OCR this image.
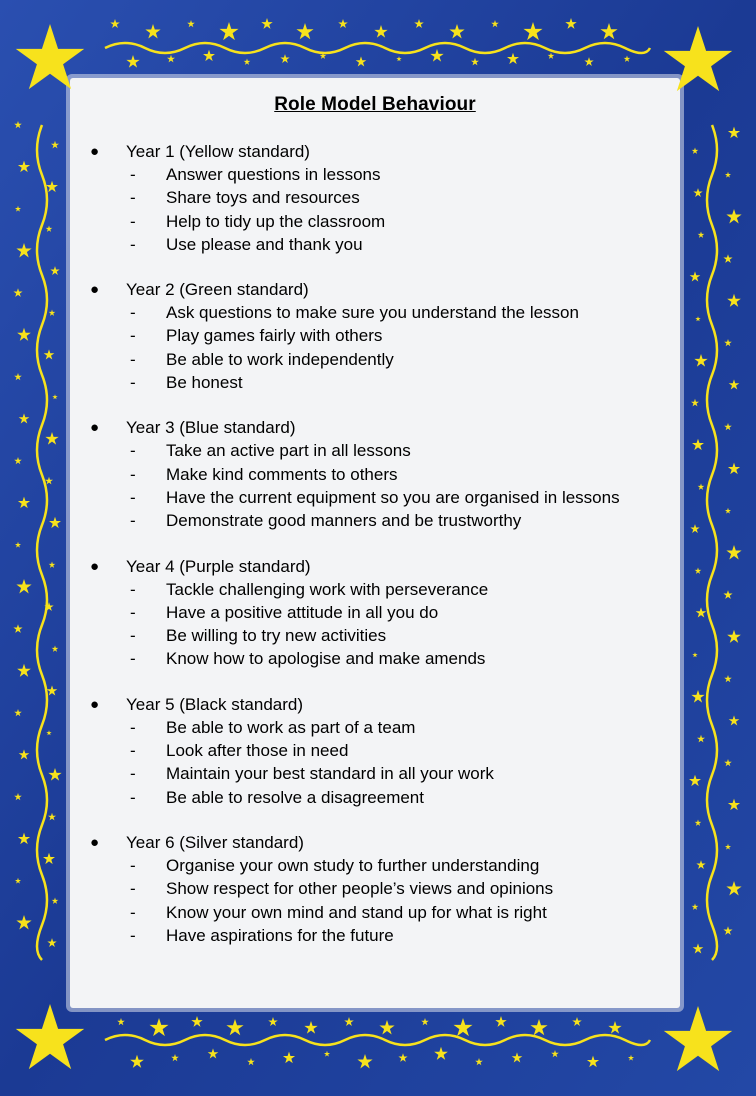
Role Model Behaviour
● Year 1 (Yellow standard)
- Answer questions in lessons
- Share toys and resources
- Help to tidy up the classroom
- Use please and thank you
● Year 2 (Green standard)
- Ask questions to make sure you understand the lesson
- Play games fairly with others
- Be able to work independently
- Be honest
● Year 3 (Blue standard)
- Take an active part in all lessons
- Make kind comments to others
- Have the current equipment so you are organised in lessons
- Demonstrate good manners and be trustworthy
● Year 4 (Purple standard)
- Tackle challenging work with perseverance
- Have a positive attitude in all you do
- Be willing to try new activities
- Know how to apologise and make amends
● Year 5 (Black standard)
- Be able to work as part of a team
- Look after those in need
- Maintain your best standard in all your work
- Be able to resolve a disagreement
● Year 6 (Silver standard)
- Organise your own study to further understanding
- Show respect for other people’s views and opinions
- Know your own mind and stand up for what is right
- Have aspirations for the future
